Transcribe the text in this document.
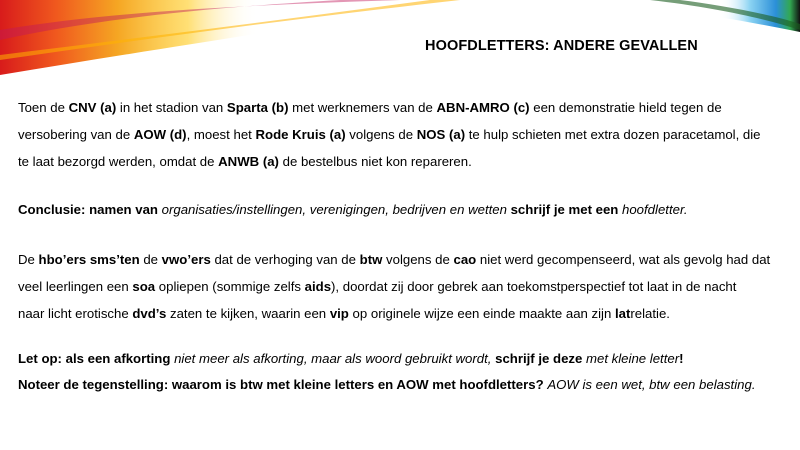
HOOFDLETTERS: ANDERE GEVALLEN
Toen de CNV (a) in het stadion van Sparta (b) met werknemers van de ABN-AMRO (c) een demonstratie hield tegen de
versobering van de AOW (d), moest het Rode Kruis (a) volgens de NOS (a) te hulp schieten met extra dozen paracetamol, die
te laat bezorgd werden, omdat de ANWB (a) de bestelbus niet kon repareren.
Conclusie: namen van organisaties/instellingen, verenigingen, bedrijven en wetten schrijf je met een hoofdletter.
De hbo’ers sms’ten de vwo’ers dat de verhoging van de btw volgens de cao niet werd gecompenseerd, wat als gevolg had dat
veel leerlingen een soa opliepen (sommige zelfs aids), doordat zij door gebrek aan toekomstperspectief tot laat in de nacht
naar licht erotische dvd’s zaten te kijken, waarin een vip op originele wijze een einde maakte aan zijn latrelatie.
Let op: als een afkorting niet meer als afkorting, maar als woord gebruikt wordt, schrijf je deze met kleine letter!
Noteer de tegenstelling: waarom is btw met kleine letters en AOW met hoofdletters? AOW is een wet, btw een belasting.
